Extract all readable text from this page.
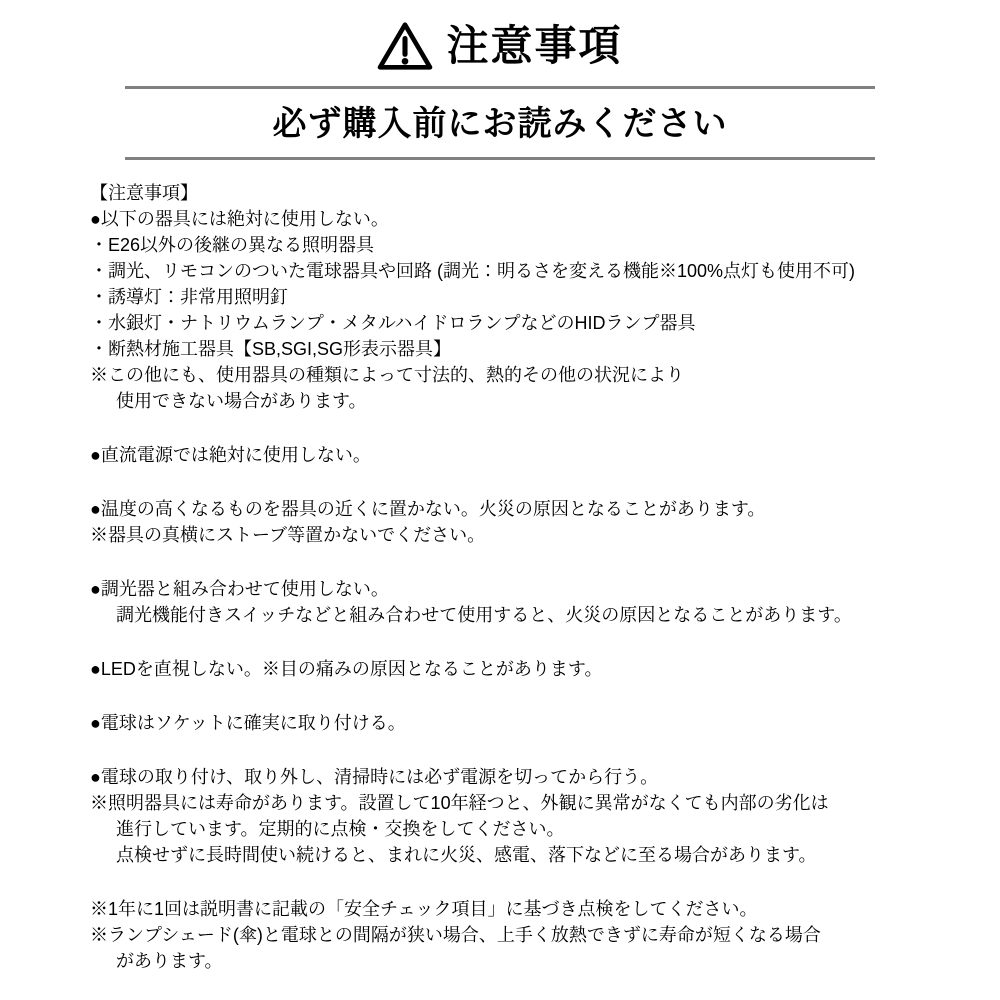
注意事項
必ず購入前にお読みください
【注意事項】
●以下の器具には絶対に使用しない。
・E26以外の後継の異なる照明器具
・調光、リモコンのついた電球器具や回路 (調光：明るさを変える機能※100%点灯も使用不可)
・誘導灯：非常用照明釘
・水銀灯・ナトリウムランプ・メタルハイドロランプなどのHIDランプ器具
・断熱材施工器具【SB,SGI,SG形表示器具】
※この他にも、使用器具の種類によって寸法的、熱的その他の状況により
使用できない場合があります。
●直流電源では絶対に使用しない。
●温度の高くなるものを器具の近くに置かない。火災の原因となることがあります。
※器具の真横にストーブ等置かないでください。
●調光器と組み合わせて使用しない。
調光機能付きスイッチなどと組み合わせて使用すると、火災の原因となることがあります。
●LEDを直視しない。※目の痛みの原因となることがあります。
●電球はソケットに確実に取り付ける。
●電球の取り付け、取り外し、清掃時には必ず電源を切ってから行う。
※照明器具には寿命があります。設置して10年経つと、外観に異常がなくても内部の劣化は
進行しています。定期的に点検・交換をしてください。
点検せずに長時間使い続けると、まれに火災、感電、落下などに至る場合があります。
※1年に1回は説明書に記載の「安全チェック項目」に基づき点検をしてください。
※ランプシェード(傘)と電球との間隔が狭い場合、上手く放熱できずに寿命が短くなる場合
があります。
